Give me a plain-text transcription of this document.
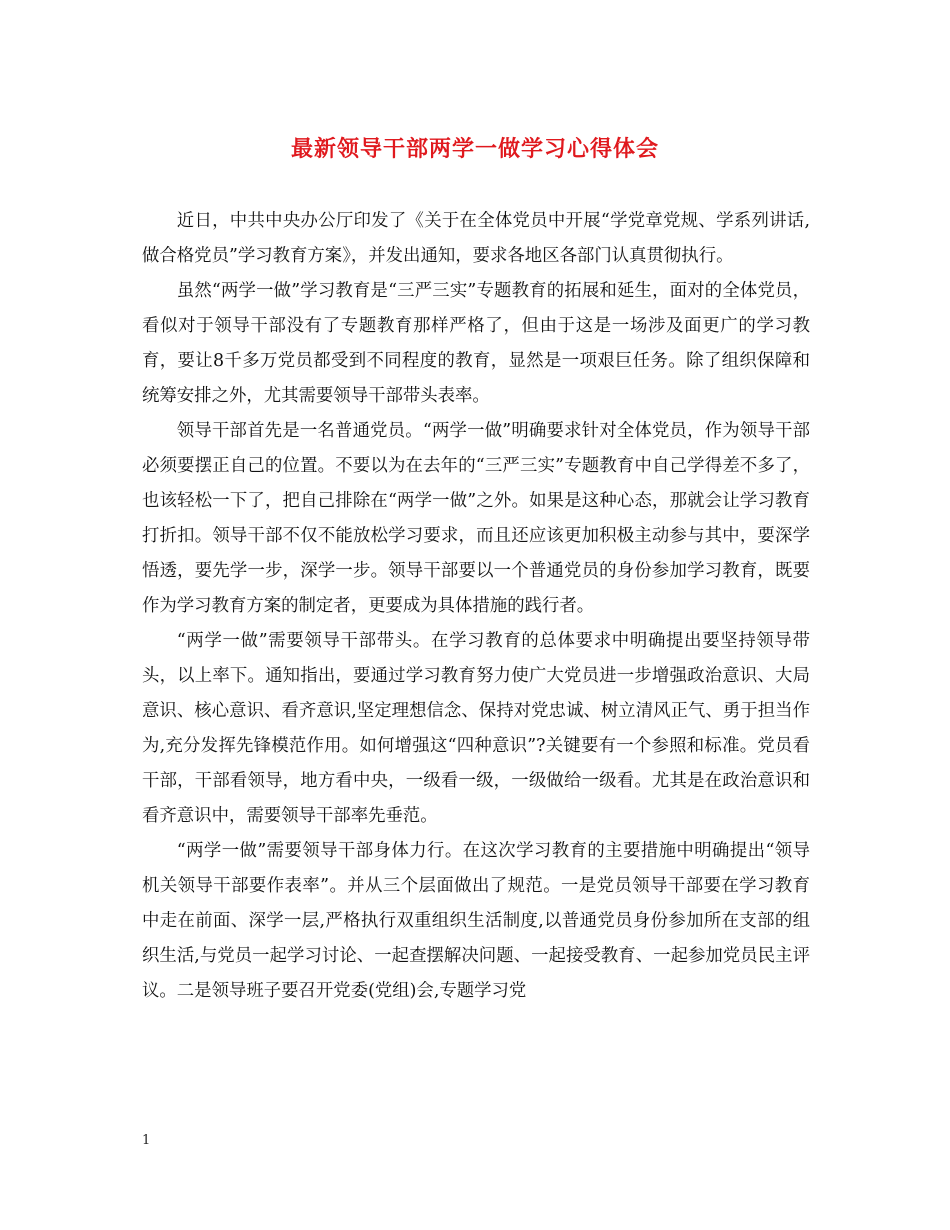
最新领导干部两学一做学习心得体会

近日，中共中央办公厅印发了《关于在全体党员中开展“学党章党规、学系列讲话,做合格党员”学习教育方案》，并发出通知，要求各地区各部门认真贯彻执行。

虽然“两学一做”学习教育是“三严三实”专题教育的拓展和延生，面对的全体党员，看似对于领导干部没有了专题教育那样严格了，但由于这是一场涉及面更广的学习教育，要让8千多万党员都受到不同程度的教育，显然是一项艰巨任务。除了组织保障和统筹安排之外，尤其需要领导干部带头表率。

领导干部首先是一名普通党员。“两学一做”明确要求针对全体党员，作为领导干部必须要摆正自己的位置。不要以为在去年的“三严三实”专题教育中自己学得差不多了，也该轻松一下了，把自己排除在“两学一做”之外。如果是这种心态，那就会让学习教育打折扣。领导干部不仅不能放松学习要求，而且还应该更加积极主动参与其中，要深学悟透，要先学一步，深学一步。领导干部要以一个普通党员的身份参加学习教育，既要作为学习教育方案的制定者，更要成为具体措施的践行者。

“两学一做”需要领导干部带头。在学习教育的总体要求中明确提出要坚持领导带头，以上率下。通知指出，要通过学习教育努力使广大党员进一步增强政治意识、大局意识、核心意识、看齐意识,坚定理想信念、保持对党忠诚、树立清风正气、勇于担当作为,充分发挥先锋模范作用。如何增强这“四种意识”?关键要有一个参照和标准。党员看干部，干部看领导，地方看中央，一级看一级，一级做给一级看。尤其是在政治意识和看齐意识中，需要领导干部率先垂范。

“两学一做”需要领导干部身体力行。在这次学习教育的主要措施中明确提出“领导机关领导干部要作表率”。并从三个层面做出了规范。一是党员领导干部要在学习教育中走在前面、深学一层,严格执行双重组织生活制度,以普通党员身份参加所在支部的组织生活,与党员一起学习讨论、一起查摆解决问题、一起接受教育、一起参加党员民主评议。二是领导班子要召开党委(党组)会,专题学习党

1
